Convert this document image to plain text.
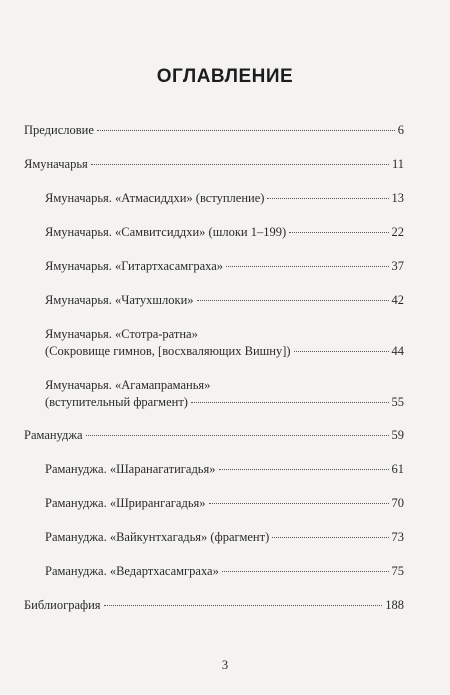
ОГЛАВЛЕНИЕ
Предисловие	6
Ямуначарья	11
Ямуначарья. «Атмасиддхи» (вступление)	13
Ямуначарья. «Самвитсиддхи» (шлоки 1–199)	22
Ямуначарья. «Гитартхасамграха»	37
Ямуначарья. «Чатухшлоки»	42
Ямуначарья. «Стотра-ратна»
(Сокровище гимнов, [восхваляющих Вишну])	44
Ямуначарья. «Агамапраманья»
(вступительный фрагмент)	55
Рамануджа	59
Рамануджа. «Шаранагатигадья»	61
Рамануджа. «Шрирангагадья»	70
Рамануджа. «Вайкунтхагадья» (фрагмент)	73
Рамануджа. «Ведартхасамграха»	75
Библиография	188
3
